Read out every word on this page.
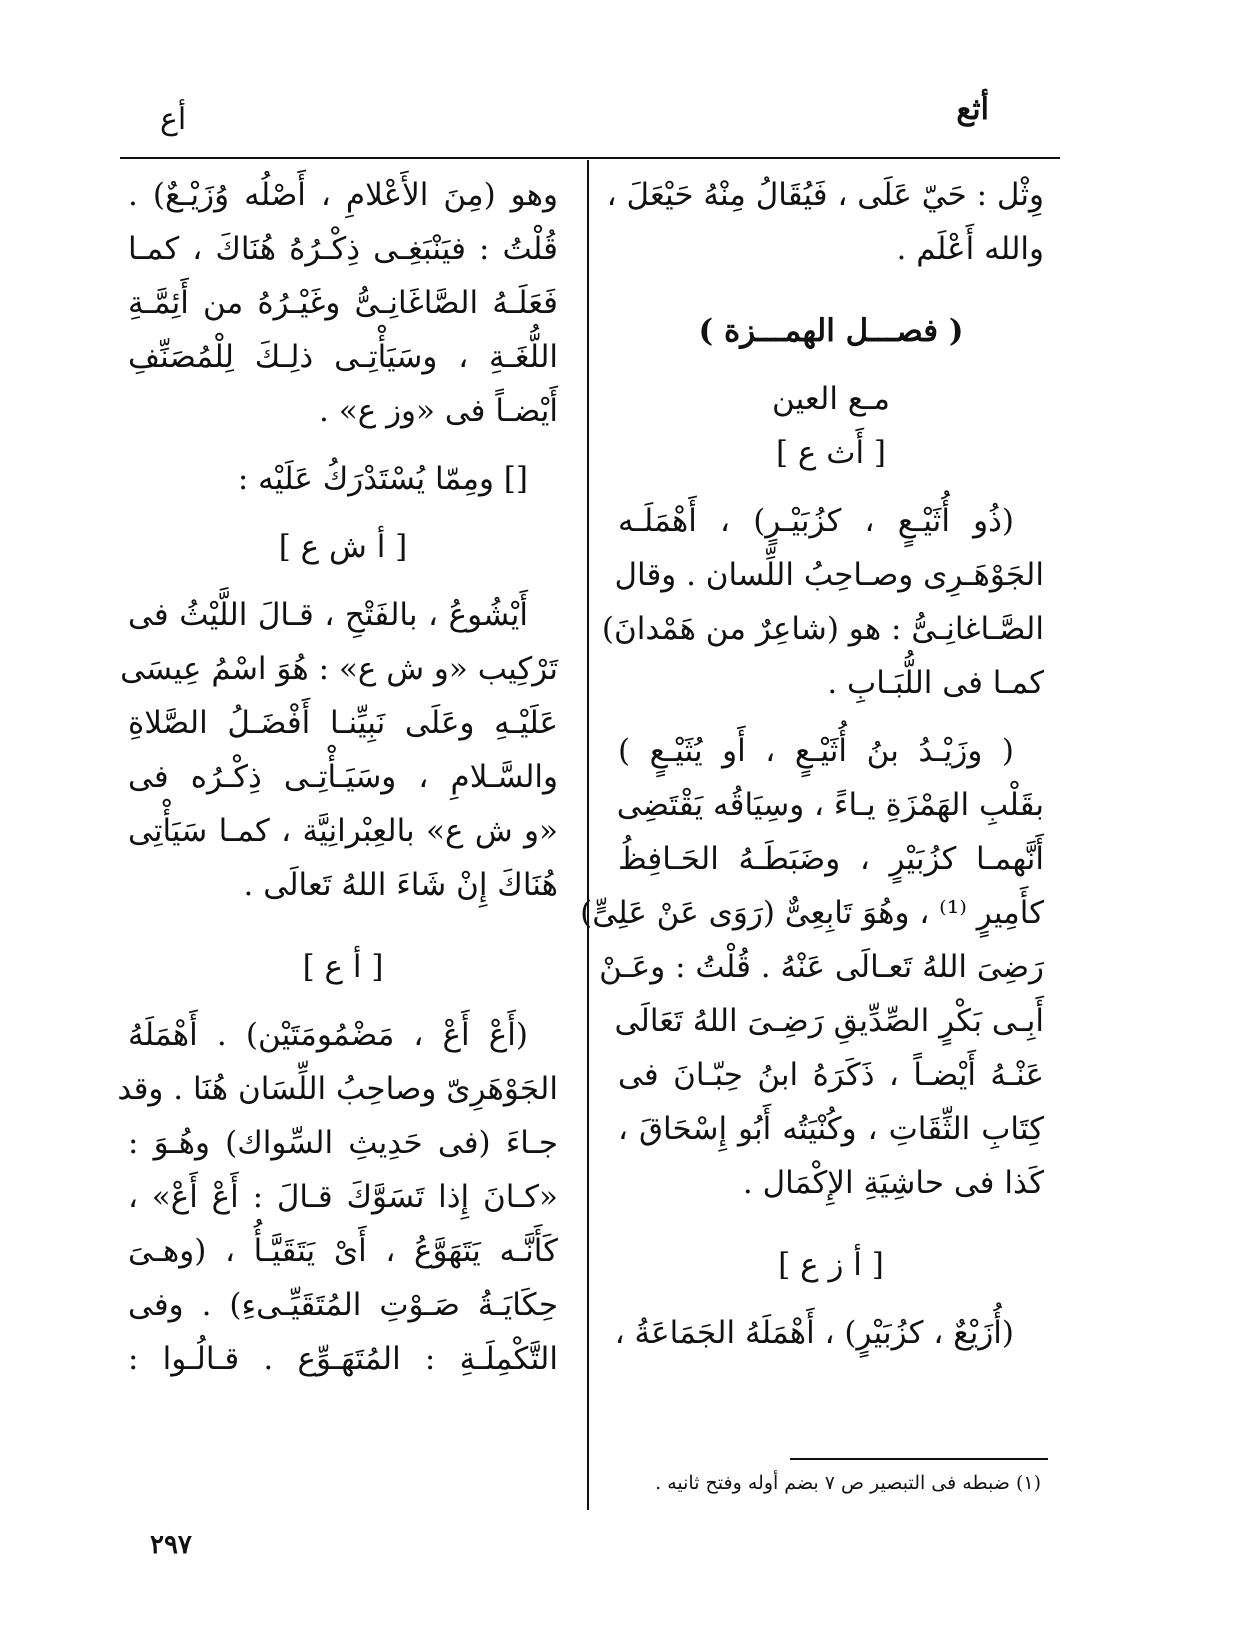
أثع
أع
وِثْل : حَيّ عَلَى ، فَيُقَالُ مِنْهُ حَيْعَلَ ،
والله أَعْلَم .
( فصـــل الهمـــزة )
مـع العين
[ أَث ع ]
(ذُو أُثَيْـعٍ ، كزُبَيْـرٍ) ، أَهْمَلَـه
الجَوْهَـرِى وصـاحِبُ اللِّسان . وقال
الصَّـاغانِـىُّ : هو (شاعِرٌ من هَمْدانَ)
كمـا فى اللُّبَـابِ .
( وزَيْـدُ بنُ أُثَيْـعٍ ، أَو يُثَيْـعٍ )
بقَلْبِ الهَمْزَةِ يـاءً ، وسِيَاقُه يَقْتَضِى
أَنَّهمـا كزُبَيْرٍ ، وضَبَطَـهُ الحَـافِظُ
كأَمِيرٍ ⁽¹⁾ ، وهُوَ تَابِعِىٌّ (رَوَى عَنْ عَلِىٍّ)
رَضِىَ اللهُ تَعـالَى عَنْهُ . قُلْتُ : وعَـنْ
أَبِـى بَكْرٍ الصِّدِّيقِ رَضِـىَ اللهُ تَعَالَى
عَنْـهُ أَيْضـاً ، ذَكَرَهُ ابنُ حِبّـانَ فى
كِتَابِ الثِّقَاتِ ، وكُنْيَتُه أَبُو إِسْحَاقَ ،
كَذا فى حاشِيَةِ الإِكْمَال .
[ أ ز ع ]
(أُزَيْعٌ ، كزُبَيْرٍ) ، أَهْمَلَهُ الجَمَاعَةُ ،
وهو (مِنَ الأَعْلامِ ، أَصْلُه وُزَيْـعٌ) .
قُلْتُ : فيَنْبَغِـى ذِكْـرُهُ هُنَاكَ ، كمـا
فَعَلَـهُ الصَّاغَانِـىُّ وغَيْـرُهُ من أَئِمَّـةِ
اللُّغَـةِ ، وسَيَأْتِـى ذلِـكَ لِلْمُصَنِّفِ
أَيْضـاً فى «وز ع» .
[] ومِمّا يُسْتَدْرَكُ عَلَيْه :
[ أ ش ع ]
أَيْشُوعُ ، بالفَتْحِ ، قـالَ اللَّيْثُ فى
تَرْكِيب «و ش ع» : هُوَ اسْمُ عِيسَى
عَلَيْـهِ وعَلَى نَبِيِّنـا أَفْضَـلُ الصَّلاةِ
والسَّـلامِ ، وسَيَـأْتِـى ذِكْـرُه فى
«و ش ع» بالعِبْرانِيَّة ، كمـا سَيَأْتِى
هُنَاكَ إِنْ شَاءَ اللهُ تَعالَى .
[ أ ع ]
(أَعْ أَعْ ، مَضْمُومَتَيْن) . أَهْمَلَهُ
الجَوْهَرِىّ وصاحِبُ اللِّسَان هُنَا . وقد
جـاءَ (فى حَدِيثِ السِّواك) وهُـوَ :
«كـانَ إِذا تَسَوَّكَ قـالَ : أَعْ أَعْ» ،
كَأَنَّـه يَتَهَوَّعُ ، أَىْ يَتَقَيَّـأُ ، (وهـىَ
حِكَايَـةُ صَـوْتِ المُتَقَيِّـىءِ) . وفى
التَّكْمِلَـةِ : المُتَهَـوِّع . قـالُـوا :
(١) ضبطه فى التبصير ص ٧ بضم أوله وفتح ثانيه .
٢٩٧
